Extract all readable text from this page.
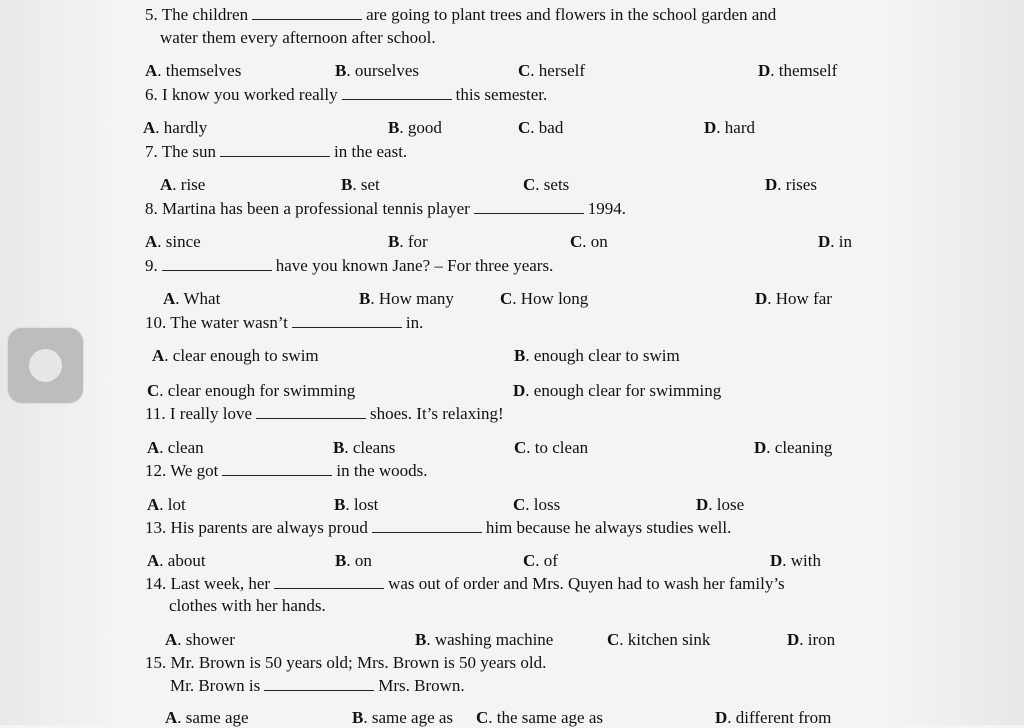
5. The children	are going to plant trees and flowers in the school garden and
water them every afternoon after school.
A. themselves	B. ourselves	C. herself	D. themself
6. I know you worked really	this semester.
A. hardly	B. good	C. bad	D. hard
7. The sun	in the east.
A. rise	B. set	C. sets	D. rises
8. Martina has been a professional tennis player	1994.
A. since	B. for	C. on	D. in
9.	have you known Jane? – For three years.
A. What	B. How many	C. How long	D. How far
10. The water wasn’t	in.
A. clear enough to swim	B. enough clear to swim
C. clear enough for swimming	D. enough clear for swimming
11. I really love	shoes. It’s relaxing!
A. clean	B. cleans	C. to clean	D. cleaning
12. We got	in the woods.
A. lot	B. lost	C. loss	D. lose
13. His parents are always proud	him because he always studies well.
A. about	B. on	C. of	D. with
14. Last week, her	was out of order and Mrs. Quyen had to wash her family’s
clothes with her hands.
A. shower	B. washing machine	C. kitchen sink	D. iron
15. Mr. Brown is 50 years old; Mrs. Brown is 50 years old.
Mr. Brown is	Mrs. Brown.
A. same age	B. same age as C. the same age as	D. different from
